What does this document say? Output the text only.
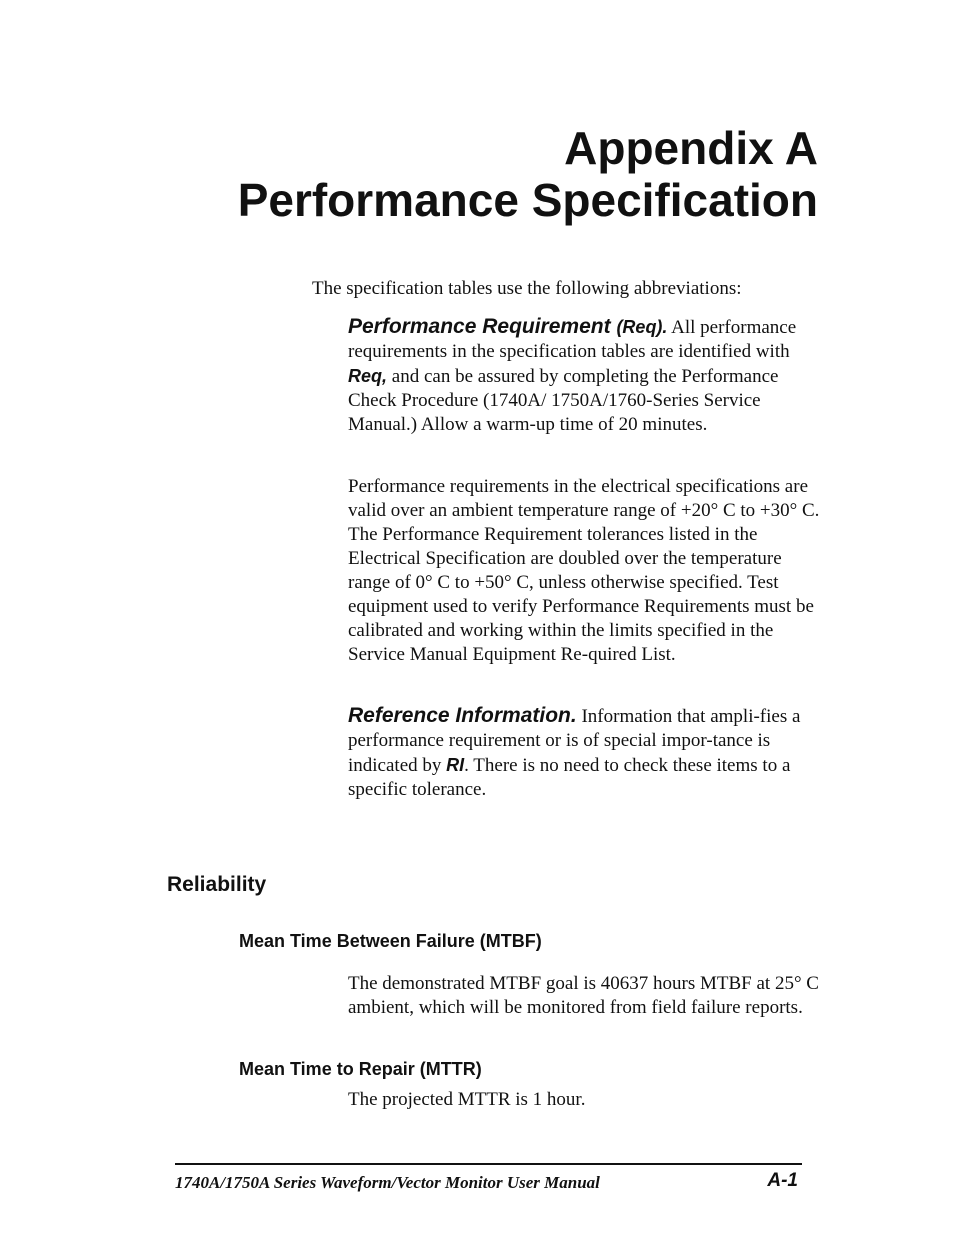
Appendix A
Performance Specification
The specification tables use the following abbreviations:

Performance Requirement (Req). All performance requirements in the specification tables are identified with Req, and can be assured by completing the Performance Check Procedure (1740A/ 1750A/1760-Series Service Manual.) Allow a warm-up time of 20 minutes.

Performance requirements in the electrical specifications are valid over an ambient temperature range of +20° C to +30° C. The Performance Requirement tolerances listed in the Electrical Specification are doubled over the temperature range of 0° C to +50° C, unless otherwise specified. Test equipment used to verify Performance Requirements must be calibrated and working within the limits specified in the Service Manual Equipment Re-quired List.

Reference Information. Information that ampli-fies a performance requirement or is of special impor-tance is indicated by RI. There is no need to check these items to a specific tolerance.

Reliability
Mean Time Between Failure (MTBF)
The demonstrated MTBF goal is 40637 hours MTBF at 25° C ambient, which will be monitored from field failure reports.
Mean Time to Repair (MTTR)
The projected MTTR is 1 hour.
1740A/1750A Series Waveform/Vector Monitor User Manual	A-1
